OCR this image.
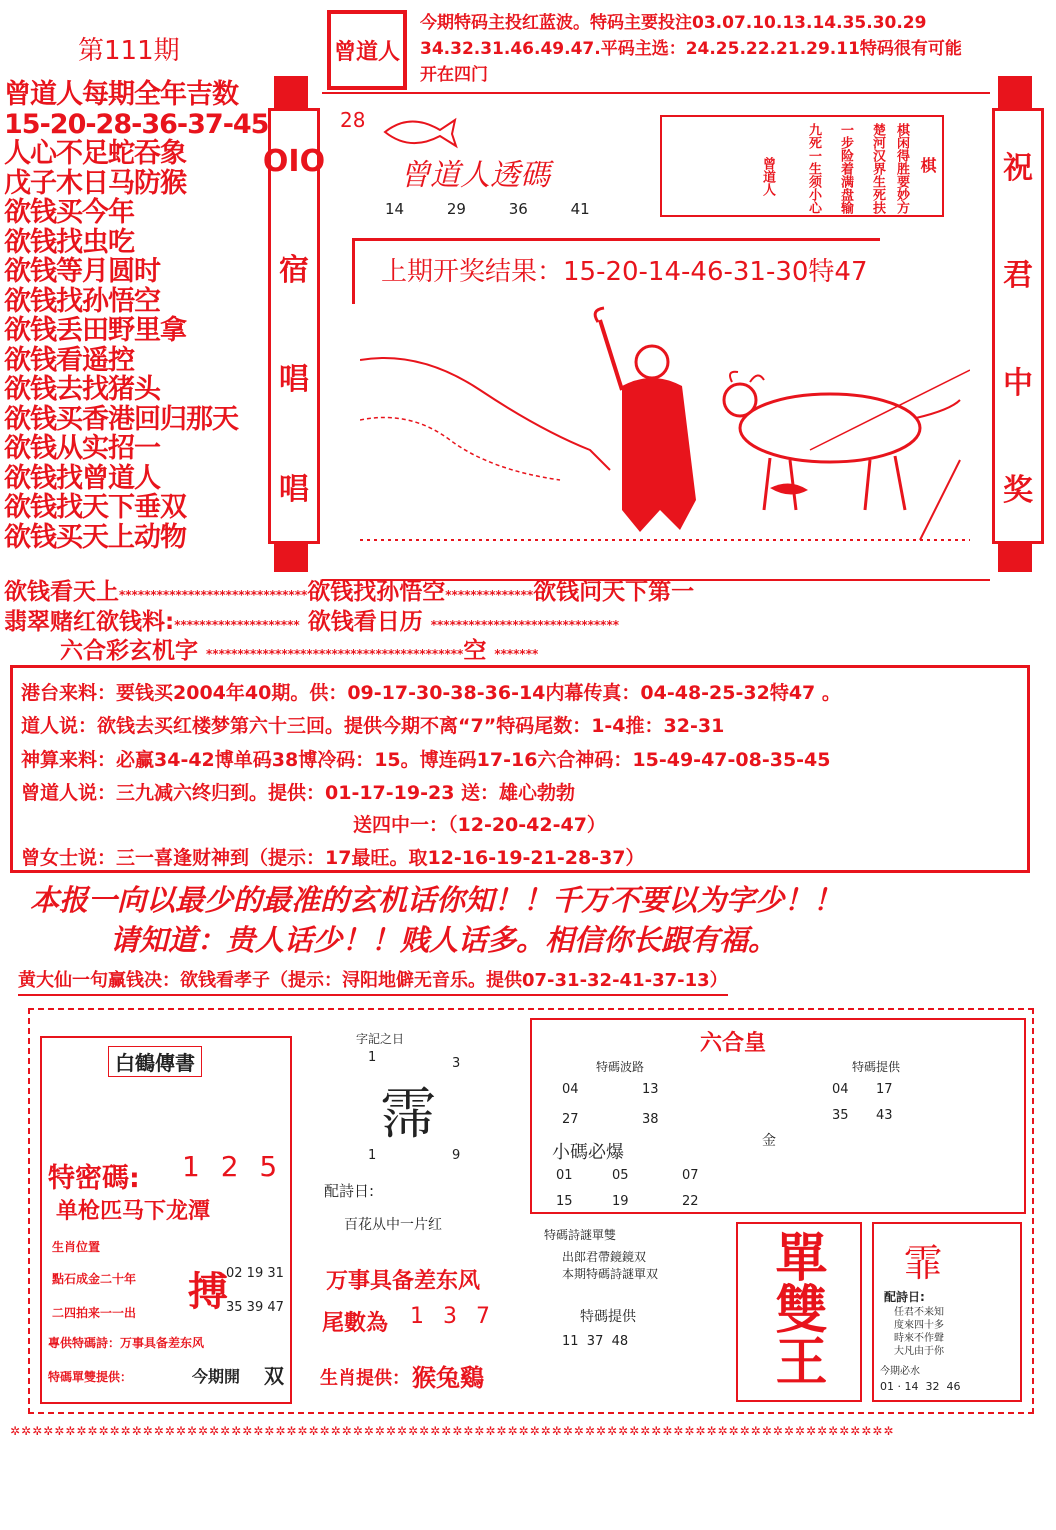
第111期
曾道人每期全年吉数
15-20-28-36-37-45
人心不足蛇吞象
戊子木日马防猴
欲钱买今年
欲钱找虫吃
欲钱等月圆时
欲钱找孙悟空
欲钱丢田野里拿
欲钱看遥控
欲钱去找猪头
欲钱买香港回归那天
欲钱从实招一
欲钱找曾道人
欲钱找天下垂双
欲钱买天上动物
曾道人
今期特码主投红蓝波。特码主要投注03.07.10.13.14.35.30.29
34.32.31.46.49.47.平码主选：24.25.22.21.29.11特码很有可能
开在四门
OIO
宿
唱
唱
祝
君
中
奖
28
曾道人透碼
14 29 36 41
棋
棋闲得胜要妙方
楚河汉界生死扶
一步险着满盘输
九死一生须小心
曾道人
上期开奖结果：15-20-14-46-31-30特47
欲钱看天上******************************欲钱找孙悟空**************欲钱问天下第一
翡翠赌红欲钱料:******************** 欲钱看日历 ******************************
六合彩玄机字 *****************************************空 *******
港台来料：要钱买2004年40期。供：09-17-30-38-36-14内幕传真：04-48-25-32特47 。
道人说：欲钱去买红楼梦第六十三回。提供今期不离“7”特码尾数：1-4推：32-31
神算来料：必赢34-42博单码38博冷码：15。博连码17-16六合神码：15-49-47-08-35-45
曾道人说：三九减六终归到。提供：01-17-19-23 送：雄心勃勃
送四中一：（12-20-42-47）
曾女士说：三一喜逢财神到（提示：17最旺。取12-16-19-21-28-37）
本报一向以最少的最准的玄机话你知！！千万不要以为字少！！
请知道：贵人话少！！贱人话多。相信你长跟有福。
黄大仙一句赢钱决：欲钱看孝子（提示：浔阳地僻无音乐。提供07-31-32-41-37-13）
白鶴傳書
特密碼: 1 2 5
单枪匹马下龙潭
生肖位置
點石成金二十年
二四拍来一一出 搏
02 19 31
35 39 47
專供特碼詩：万事具备差东风
特碼單雙提供：	今期開 双
字記之日
1	3
霈
1	9
配詩日:
百花从中一片红
万事具备差东风
尾數為 1 3 7
生肖提供： 猴兔鷄
六合皇
特碼波路
04	13
27	38
特碼提供
04 17
35 43
金
小碼必爆
01	05	07
15	19	22
特碼詩謎單雙
出郎君帶鏡鏡双
本期特碼詩謎單双
特碼提供
11  37  48	單雙王 霏
配詩日:
任君不来知
度來四十多
時來不作聲
大凡由于你
今期必水
01 · 14  32  46
✲✲✲✲✲✲✲✲✲✲✲✲✲✲✲✲✲✲✲✲✲✲✲✲✲✲✲✲✲✲✲✲✲✲✲✲✲✲✲✲✲✲✲✲✲✲✲✲✲✲✲✲✲✲✲✲✲✲✲✲✲✲✲✲✲✲✲✲✲✲✲✲✲✲✲✲✲✲✲✲
